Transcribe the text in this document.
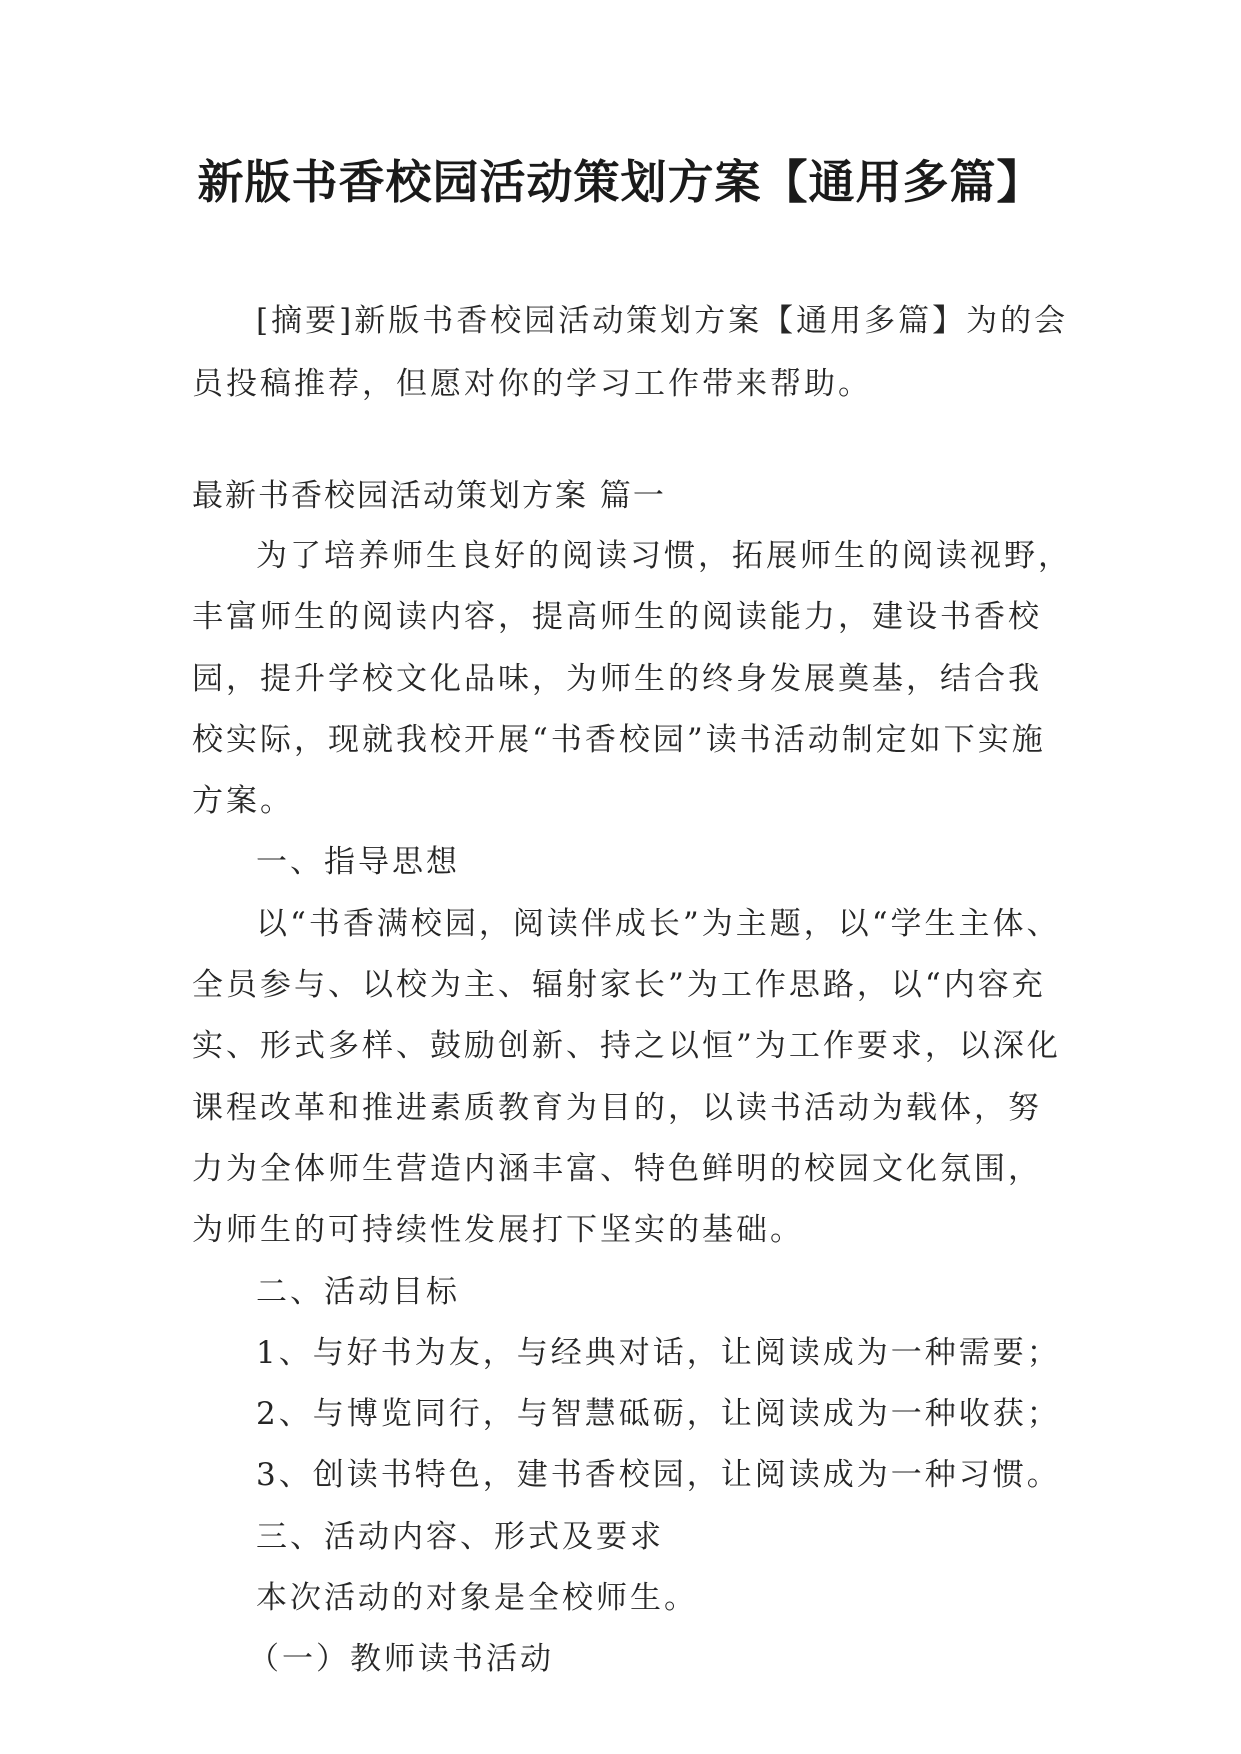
新版书香校园活动策划方案【通用多篇】

[摘要]新版书香校园活动策划方案【通用多篇】为的会员投稿推荐，但愿对你的学习工作带来帮助。

最新书香校园活动策划方案 篇一

为了培养师生良好的阅读习惯，拓展师生的阅读视野，丰富师生的阅读内容，提高师生的阅读能力，建设书香校园，提升学校文化品味，为师生的终身发展奠基，结合我校实际，现就我校开展“书香校园”读书活动制定如下实施方案。

一、指导思想

以“书香满校园，阅读伴成长”为主题，以“学生主体、全员参与、以校为主、辐射家长”为工作思路，以“内容充实、形式多样、鼓励创新、持之以恒”为工作要求，以深化课程改革和推进素质教育为目的，以读书活动为载体，努力为全体师生营造内涵丰富、特色鲜明的校园文化氛围，为师生的可持续性发展打下坚实的基础。

二、活动目标

1、与好书为友，与经典对话，让阅读成为一种需要；

2、与博览同行，与智慧砥砺，让阅读成为一种收获；

3、创读书特色，建书香校园，让阅读成为一种习惯。

三、活动内容、形式及要求

本次活动的对象是全校师生。

（一）教师读书活动
